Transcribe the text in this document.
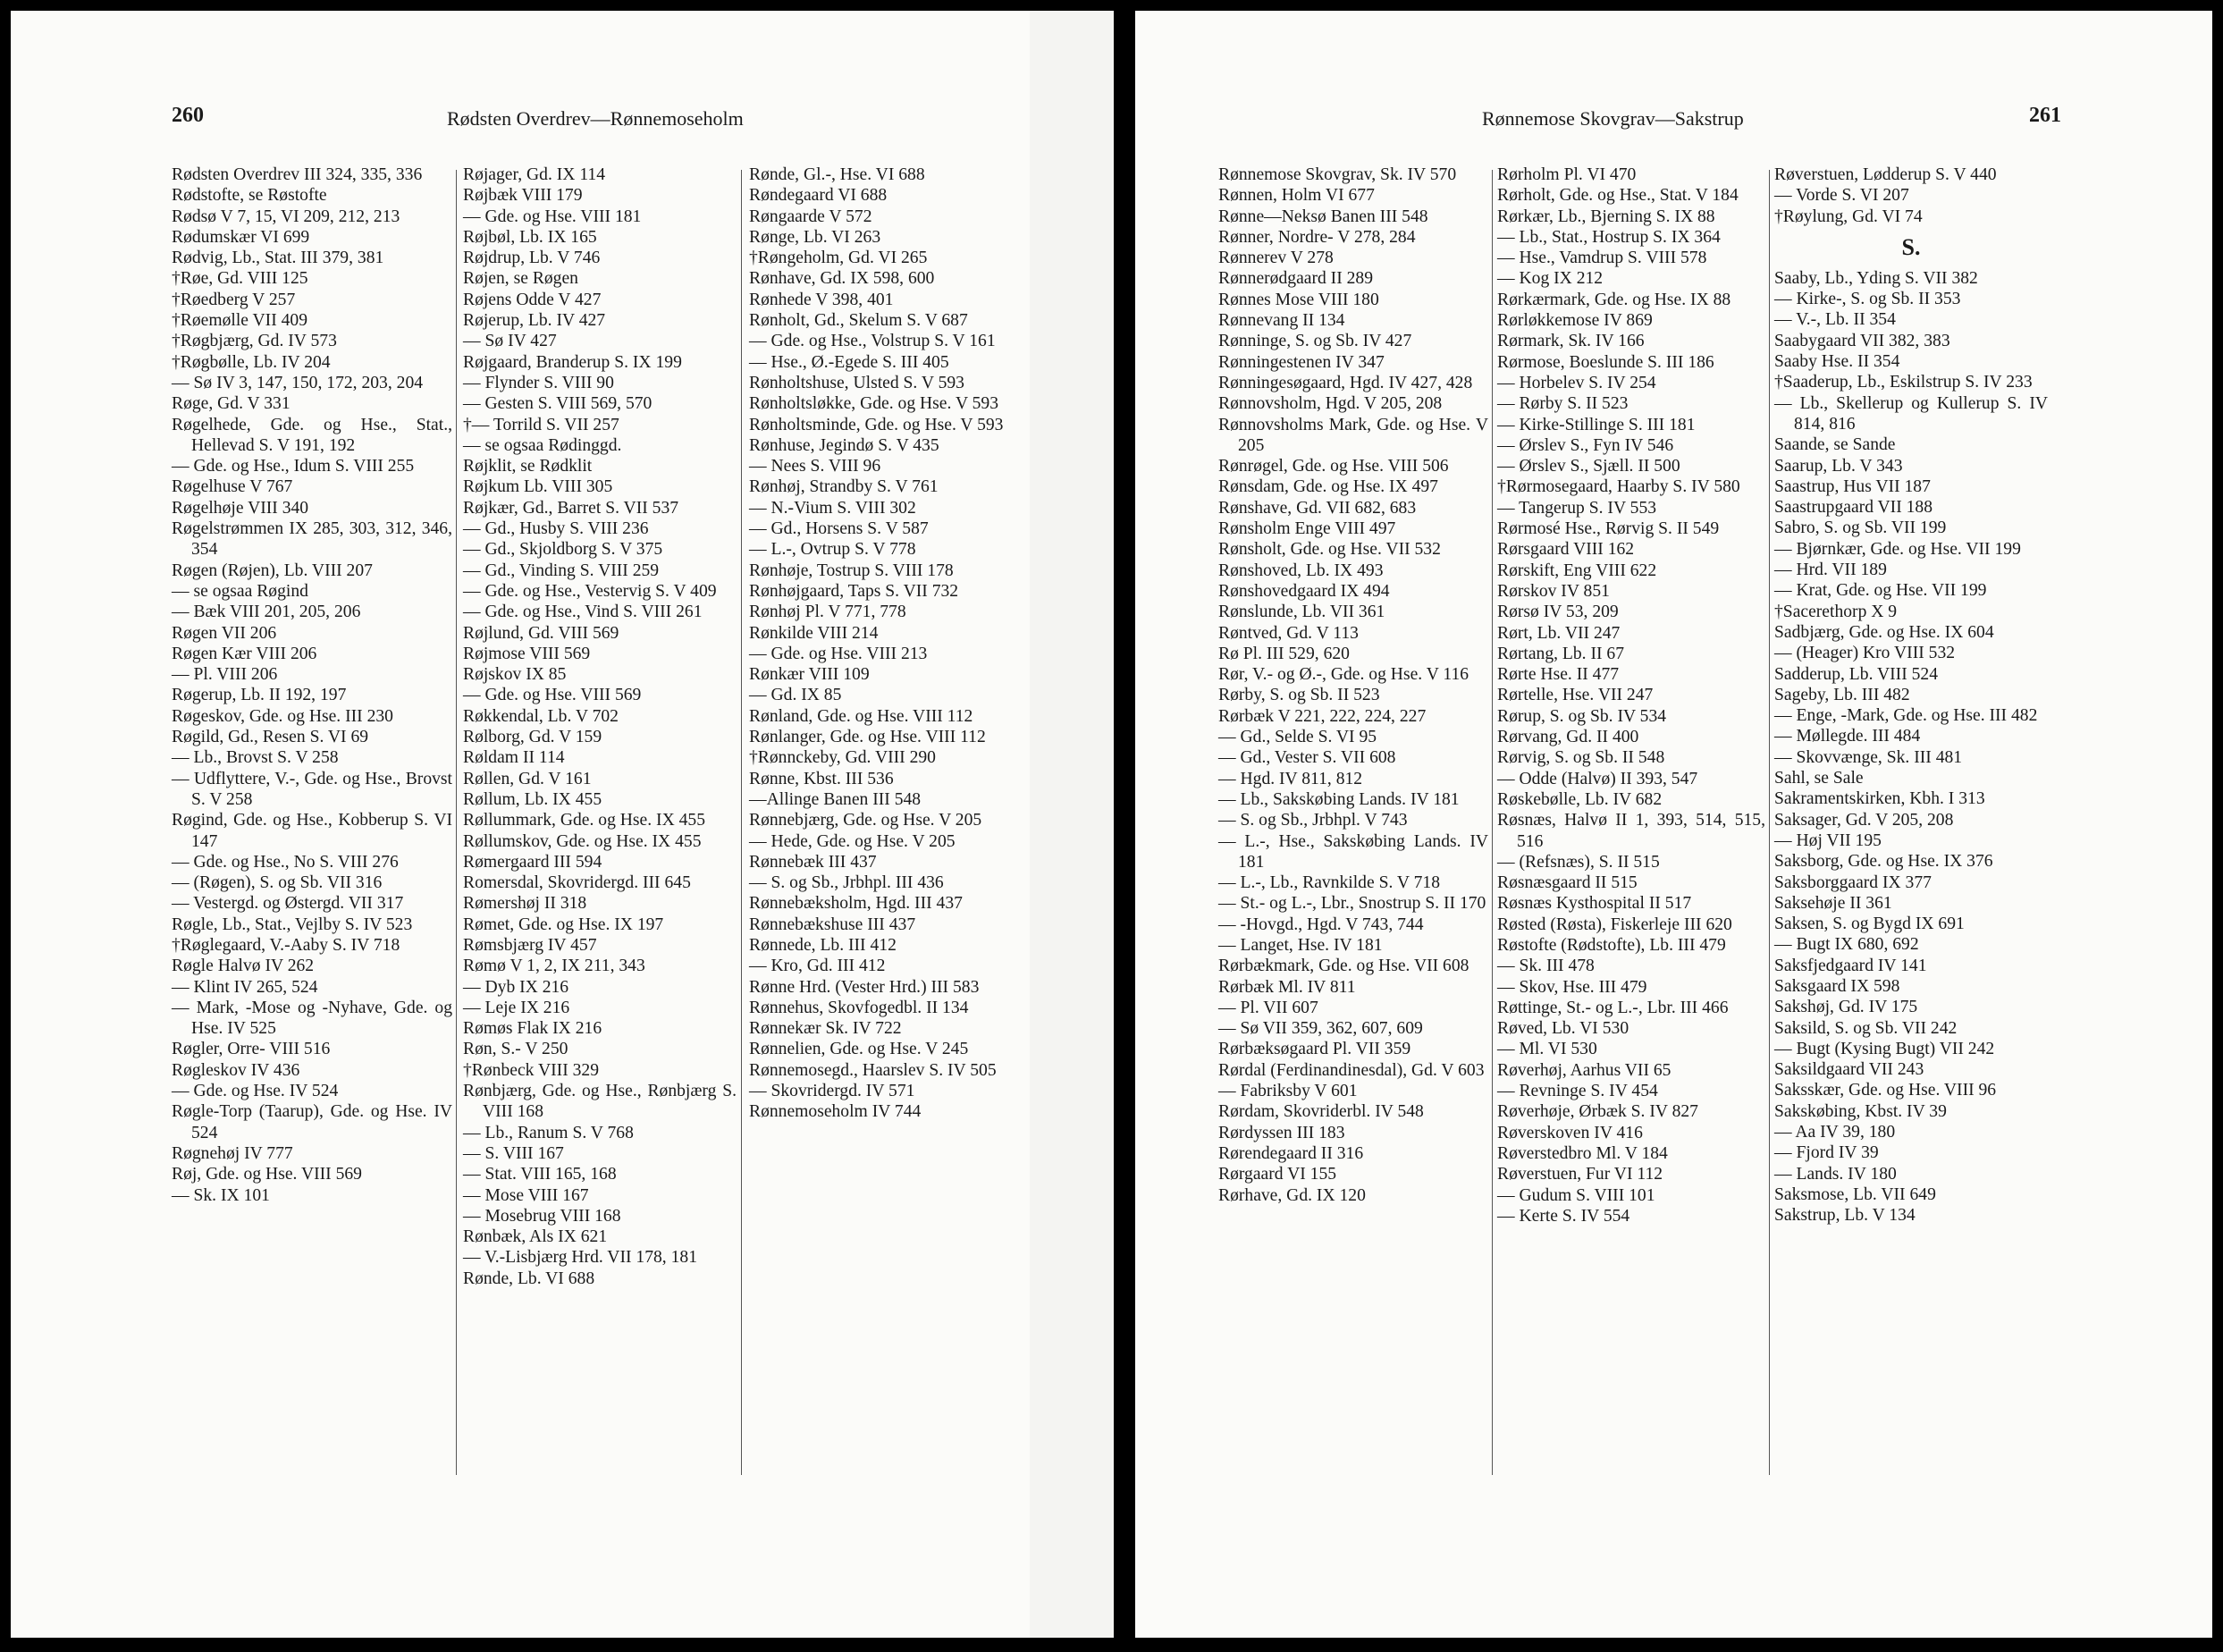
260	Rødsten Overdrev—Rønnemoseholm
Rødsten Overdrev III 324, 335, 336
Rødstofte, se Røstofte
Rødsø V 7, 15, VI 209, 212, 213
Rødumskær VI 699
Rødvig, Lb., Stat. III 379, 381
†Røe, Gd. VIII 125
†Røedberg V 257
†Røemølle VII 409
†Røgbjærg, Gd. IV 573
†Røgbølle, Lb. IV 204
— Sø IV 3, 147, 150, 172, 203, 204
Røge, Gd. V 331
Røgelhede, Gde. og Hse., Stat., Hellevad S. V 191, 192
— Gde. og Hse., Idum S. VIII 255
Røgelhuse V 767
Røgelhøje VIII 340
Røgelstrømmen IX 285, 303, 312, 346, 354
Røgen (Røjen), Lb. VIII 207
— se ogsaa Røgind
— Bæk VIII 201, 205, 206
Røgen VII 206
Røgen Kær VIII 206
— Pl. VIII 206
Røgerup, Lb. II 192, 197
Røgeskov, Gde. og Hse. III 230
Røgild, Gd., Resen S. VI 69
— Lb., Brovst S. V 258
— Udflyttere, V.-, Gde. og Hse., Brovst S. V 258
Røgind, Gde. og Hse., Kobberup S. VI 147
— Gde. og Hse., No S. VIII 276
— (Røgen), S. og Sb. VII 316
— Vestergd. og Østergd. VII 317
Røgle, Lb., Stat., Vejlby S. IV 523
†Røglegaard, V.-Aaby S. IV 718
Røgle Halvø IV 262
— Klint IV 265, 524
— Mark, -Mose og -Nyhave, Gde. og Hse. IV 525
Røgler, Orre- VIII 516
Røgleskov IV 436
— Gde. og Hse. IV 524
Røgle-Torp (Taarup), Gde. og Hse. IV 524
Røgnehøj IV 777
Røj, Gde. og Hse. VIII 569
— Sk. IX 101
Røjager, Gd. IX 114
Røjbæk VIII 179
— Gde. og Hse. VIII 181
Røjbøl, Lb. IX 165
Røjdrup, Lb. V 746
Røjen, se Røgen
Røjens Odde V 427
Røjerup, Lb. IV 427
— Sø IV 427
Røjgaard, Branderup S. IX 199
— Flynder S. VIII 90
— Gesten S. VIII 569, 570
†— Torrild S. VII 257
— se ogsaa Rødinggd.
Røjklit, se Rødklit
Røjkum Lb. VIII 305
Røjkær, Gd., Barret S. VII 537
— Gd., Husby S. VIII 236
— Gd., Skjoldborg S. V 375
— Gd., Vinding S. VIII 259
— Gde. og Hse., Vestervig S. V 409
— Gde. og Hse., Vind S. VIII 261
Røjlund, Gd. VIII 569
Røjmose VIII 569
Røjskov IX 85
— Gde. og Hse. VIII 569
Røkkendal, Lb. V 702
Rølborg, Gd. V 159
Røldam II 114
Røllen, Gd. V 161
Røllum, Lb. IX 455
Røllummark, Gde. og Hse. IX 455
Røllumskov, Gde. og Hse. IX 455
Rømergaard III 594
Romersdal, Skovridergd. III 645
Rømershøj II 318
Rømet, Gde. og Hse. IX 197
Rømsbjærg IV 457
Rømø V 1, 2, IX 211, 343
— Dyb IX 216
— Leje IX 216
Rømøs Flak IX 216
Røn, S.- V 250
†Rønbeck VIII 329
Rønbjærg, Gde. og Hse., Rønbjærg S. VIII 168
— Lb., Ranum S. V 768
— S. VIII 167
— Stat. VIII 165, 168
— Mose VIII 167
— Mosebrug VIII 168
Rønbæk, Als IX 621
— V.-Lisbjærg Hrd. VII 178, 181
Rønde, Lb. VI 688
Rønde, Gl.-, Hse. VI 688
Røndegaard VI 688
Røngaarde V 572
Rønge, Lb. VI 263
†Røngeholm, Gd. VI 265
Rønhave, Gd. IX 598, 600
Rønhede V 398, 401
Rønholt, Gd., Skelum S. V 687
— Gde. og Hse., Volstrup S. V 161
— Hse., Ø.-Egede S. III 405
Rønholtshuse, Ulsted S. V 593
Rønholtsløkke, Gde. og Hse. V 593
Rønholtsminde, Gde. og Hse. V 593
Rønhuse, Jegindø S. V 435
— Nees S. VIII 96
Rønhøj, Strandby S. V 761
— N.-Vium S. VIII 302
— Gd., Horsens S. V 587
— L.-, Ovtrup S. V 778
Rønhøje, Tostrup S. VIII 178
Rønhøjgaard, Taps S. VII 732
Rønhøj Pl. V 771, 778
Rønkilde VIII 214
— Gde. og Hse. VIII 213
Rønkær VIII 109
— Gd. IX 85
Rønland, Gde. og Hse. VIII 112
Rønlanger, Gde. og Hse. VIII 112
†Rønnckeby, Gd. VIII 290
Rønne, Kbst. III 536
—Allinge Banen III 548
Rønnebjærg, Gde. og Hse. V 205
— Hede, Gde. og Hse. V 205
Rønnebæk III 437
— S. og Sb., Jrbhpl. III 436
Rønnebæksholm, Hgd. III 437
Rønnebækshuse III 437
Rønnede, Lb. III 412
— Kro, Gd. III 412
Rønne Hrd. (Vester Hrd.) III 583
Rønnehus, Skovfogedbl. II 134
Rønnekær Sk. IV 722
Rønnelien, Gde. og Hse. V 245
Rønnemosegd., Haarslev S. IV 505
— Skovridergd. IV 571
Rønnemoseholm IV 744
Rønnemose Skovgrav—Sakstrup	261
Rønnemose Skovgrav, Sk. IV 570
Rønnen, Holm VI 677
Rønne—Neksø Banen III 548
Rønner, Nordre- V 278, 284
Rønnerev V 278
Rønnerødgaard II 289
Rønnes Mose VIII 180
Rønnevang II 134
Rønninge, S. og Sb. IV 427
Rønningestenen IV 347
Rønningesøgaard, Hgd. IV 427, 428
Rønnovsholm, Hgd. V 205, 208
Rønnovsholms Mark, Gde. og Hse. V 205
Rønrøgel, Gde. og Hse. VIII 506
Rønsdam, Gde. og Hse. IX 497
Rønshave, Gd. VII 682, 683
Rønsholm Enge VIII 497
Rønsholt, Gde. og Hse. VII 532
Rønshoved, Lb. IX 493
Rønshovedgaard IX 494
Rønslunde, Lb. VII 361
Røntved, Gd. V 113
Rø Pl. III 529, 620
Rør, V.- og Ø.-, Gde. og Hse. V 116
Rørby, S. og Sb. II 523
Rørbæk V 221, 222, 224, 227
— Gd., Selde S. VI 95
— Gd., Vester S. VII 608
— Hgd. IV 811, 812
— Lb., Sakskøbing Lands. IV 181
— S. og Sb., Jrbhpl. V 743
— L.-, Hse., Sakskøbing Lands. IV 181
— L.-, Lb., Ravnkilde S. V 718
— St.- og L.-, Lbr., Snostrup S. II 170
— -Hovgd., Hgd. V 743, 744
— Langet, Hse. IV 181
Rørbækmark, Gde. og Hse. VII 608
Rørbæk Ml. IV 811
— Pl. VII 607
— Sø VII 359, 362, 607, 609
Rørbæksøgaard Pl. VII 359
Rørdal (Ferdinandinesdal), Gd. V 603
— Fabriksby V 601
Rørdam, Skovriderbl. IV 548
Rørdyssen III 183
Rørendegaard II 316
Rørgaard VI 155
Rørhave, Gd. IX 120
Rørholm Pl. VI 470
Rørholt, Gde. og Hse., Stat. V 184
Rørkær, Lb., Bjerning S. IX 88
— Lb., Stat., Hostrup S. IX 364
— Hse., Vamdrup S. VIII 578
— Kog IX 212
Rørkærmark, Gde. og Hse. IX 88
Rørløkkemose IV 869
Rørmark, Sk. IV 166
Rørmose, Boeslunde S. III 186
— Horbelev S. IV 254
— Rørby S. II 523
— Kirke-Stillinge S. III 181
— Ørslev S., Fyn IV 546
— Ørslev S., Sjæll. II 500
†Rørmosegaard, Haarby S. IV 580
— Tangerup S. IV 553
Rørmosé Hse., Rørvig S. II 549
Rørsgaard VIII 162
Rørskift, Eng VIII 622
Rørskov IV 851
Rørsø IV 53, 209
Rørt, Lb. VII 247
Rørtang, Lb. II 67
Rørte Hse. II 477
Rørtelle, Hse. VII 247
Rørup, S. og Sb. IV 534
Rørvang, Gd. II 400
Rørvig, S. og Sb. II 548
— Odde (Halvø) II 393, 547
Røskebølle, Lb. IV 682
Røsnæs, Halvø II 1, 393, 514, 515, 516
— (Refsnæs), S. II 515
Røsnæsgaard II 515
Røsnæs Kysthospital II 517
Røsted (Røsta), Fiskerleje III 620
Røstofte (Rødstofte), Lb. III 479
— Sk. III 478
— Skov, Hse. III 479
Røttinge, St.- og L.-, Lbr. III 466
Røved, Lb. VI 530
— Ml. VI 530
Røverhøj, Aarhus VII 65
— Revninge S. IV 454
Røverhøje, Ørbæk S. IV 827
Røverskoven IV 416
Røverstedbro Ml. V 184
Røverstuen, Fur VI 112
— Gudum S. VIII 101
— Kerte S. IV 554
Røverstuen, Lødderup S. V 440
— Vorde S. VI 207
†Røylung, Gd. VI 74
S.
Saaby, Lb., Yding S. VII 382
— Kirke-, S. og Sb. II 353
— V.-, Lb. II 354
Saabygaard VII 382, 383
Saaby Hse. II 354
†Saaderup, Lb., Eskilstrup S. IV 233
— Lb., Skellerup og Kullerup S. IV 814, 816
Saande, se Sande
Saarup, Lb. V 343
Saastrup, Hus VII 187
Saastrupgaard VII 188
Sabro, S. og Sb. VII 199
— Bjørnkær, Gde. og Hse. VII 199
— Hrd. VII 189
— Krat, Gde. og Hse. VII 199
†Sacerethorp X 9
Sadbjærg, Gde. og Hse. IX 604
— (Heager) Kro VIII 532
Sadderup, Lb. VIII 524
Sageby, Lb. III 482
— Enge, -Mark, Gde. og Hse. III 482
— Møllegde. III 484
— Skovvænge, Sk. III 481
Sahl, se Sale
Sakramentskirken, Kbh. I 313
Saksager, Gd. V 205, 208
— Høj VII 195
Saksborg, Gde. og Hse. IX 376
Saksborggaard IX 377
Saksehøje II 361
Saksen, S. og Bygd IX 691
— Bugt IX 680, 692
Saksfjedgaard IV 141
Saksgaard IX 598
Sakshøj, Gd. IV 175
Saksild, S. og Sb. VII 242
— Bugt (Kysing Bugt) VII 242
Saksildgaard VII 243
Saksskær, Gde. og Hse. VIII 96
Sakskøbing, Kbst. IV 39
— Aa IV 39, 180
— Fjord IV 39
— Lands. IV 180
Saksmose, Lb. VII 649
Sakstrup, Lb. V 134
